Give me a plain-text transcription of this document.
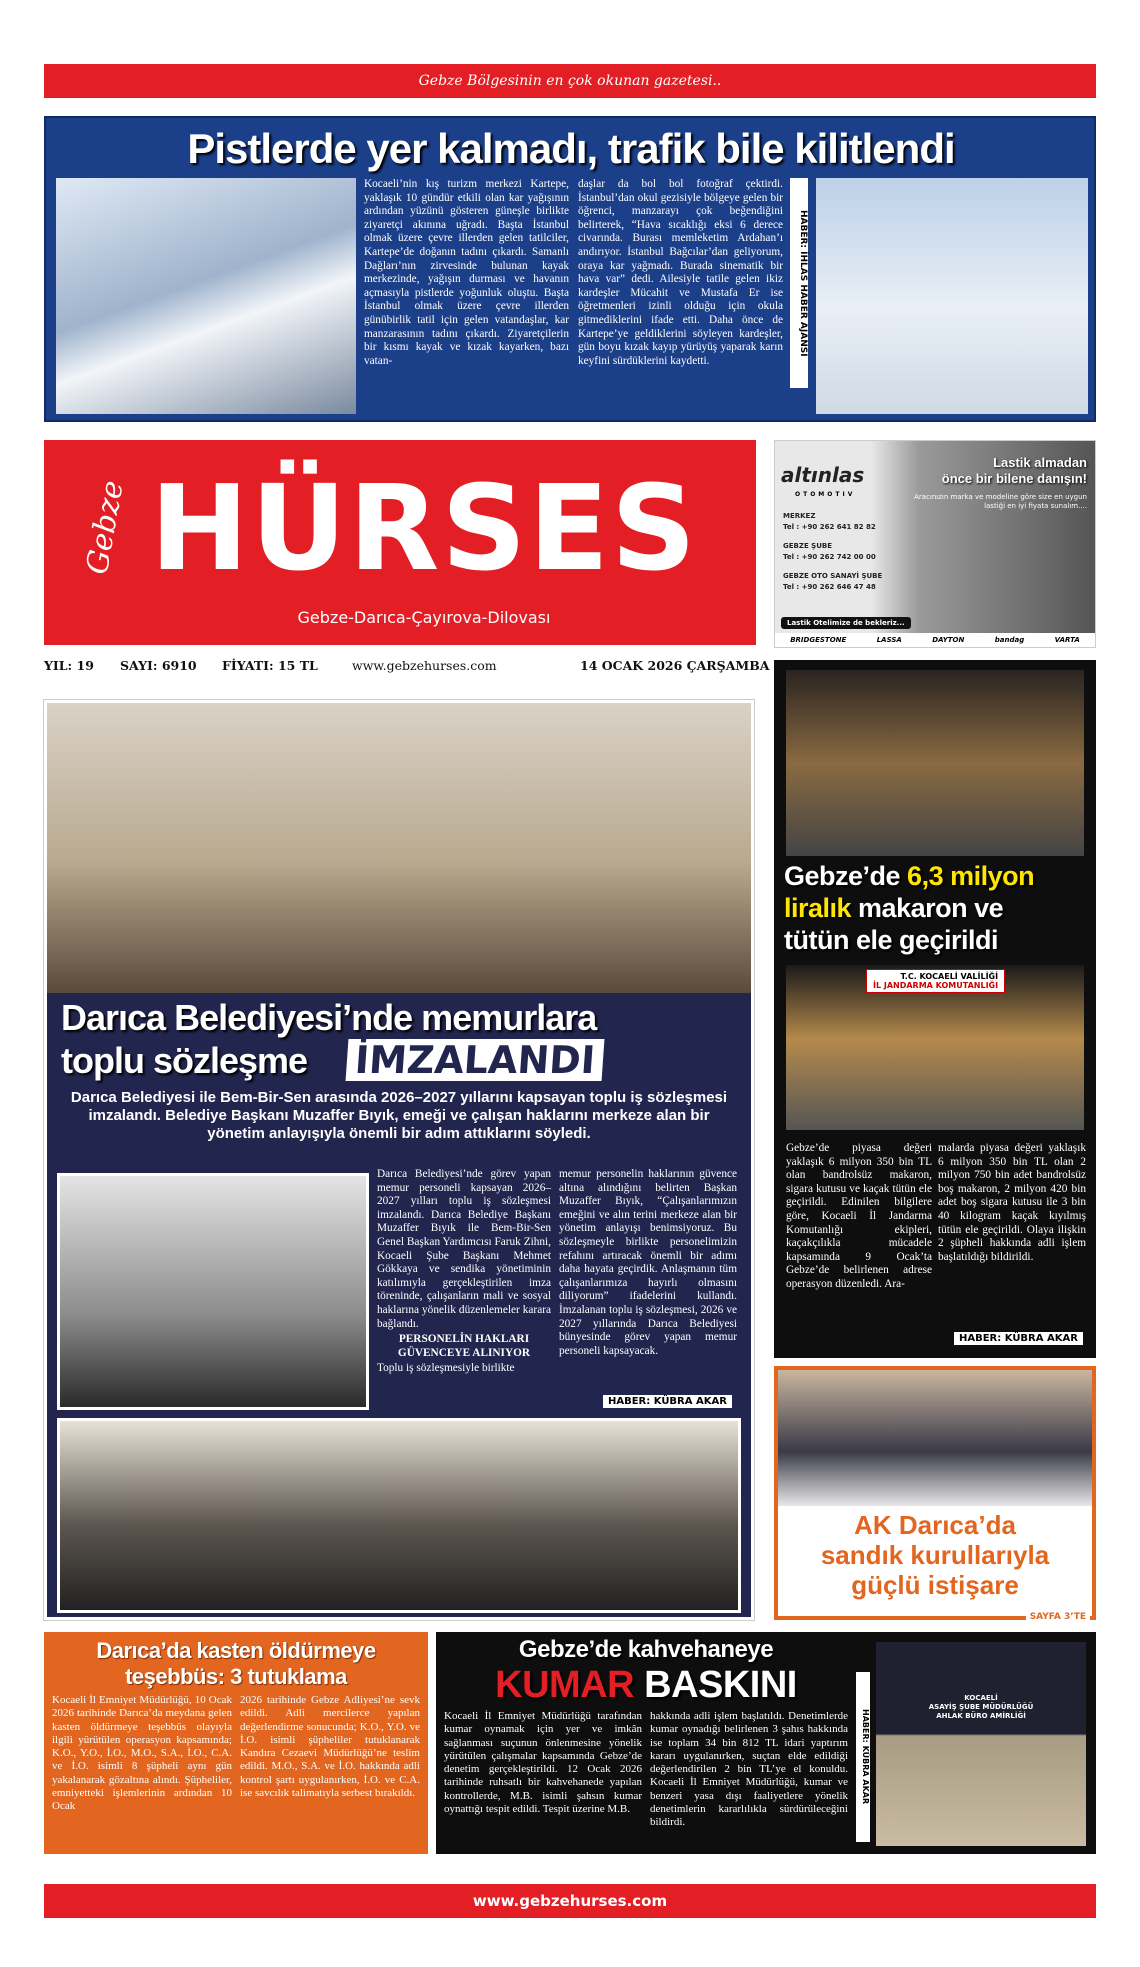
Gebze Bölgesinin en çok okunan gazetesi..
Pistlerde yer kalmadı, trafik bile kilitlendi
Kocaeli’nin kış turizm merkezi Kartepe, yaklaşık 10 gündür etkili olan kar yağışının ardından yüzünü gösteren güneşle birlikte ziyaretçi akınına uğradı. Başta İstanbul olmak üzere çevre illerden gelen tatilciler, Kartepe’de doğanın tadını çıkardı. Samanlı Dağları’nın zirvesinde bulunan kayak merkezinde, yağışın durması ve havanın açmasıyla pistlerde yoğunluk oluştu. Başta İstanbul olmak üzere çevre illerden günübirlik tatil için gelen vatandaşlar, kar manzarasının tadını çıkardı. Ziyaretçilerin bir kısmı kayak ve kızak kayarken, bazı vatan-
daşlar da bol bol fotoğraf çektirdi. İstanbul’dan okul gezisiyle bölgeye gelen bir öğrenci, manzarayı çok beğendiğini belirterek, “Hava sıcaklığı eksi 6 derece civarında. Burası memleketim Ardahan’ı andırıyor. İstanbul Bağcılar’dan geliyorum, oraya kar yağmadı. Burada sinematik bir hava var” dedi. Ailesiyle tatile gelen ikiz kardeşler Mücahit ve Mustafa Er ise öğretmenleri izinli olduğu için okula gitmediklerini ifade etti. Daha önce de Kartepe’ye geldiklerini söyleyen kardeşler, gün boyu kızak kayıp yürüyüş yaparak karın keyfini sürdüklerini kaydetti.
HABER: İHLAS HABER AJANSI
Gebze HÜRSES
Gebze-Darıca-Çayırova-Dilovası
YIL: 19 SAYI: 6910 FİYATI: 15 TL	www.gebzehurses.com	14 OCAK 2026 ÇARŞAMBA
altınlas
OTOMOTIV
MERKEZ
Tel : +90 262 641 82 82
GEBZE ŞUBE
Tel : +90 262 742 00 00
GEBZE OTO SANAYİ ŞUBE
Tel : +90 262 646 47 48
Lastik almadan
önce bir bilene danışın!
Aracınızın marka ve modeline göre size en uygun lastiği en iyi fiyata sunalım....
Lastik Otelimize de bekleriz...
BRIDGESTONE	LASSA	DAYTON	bandag	VARTA
Darıca Belediyesi’nde memurlara
toplu sözleşme İMZALANDI
Darıca Belediyesi ile Bem-Bir-Sen arasında 2026–2027 yıllarını kapsayan toplu iş sözleşmesi imzalandı. Belediye Başkanı Muzaffer Bıyık, emeği ve çalışan haklarını merkeze alan bir yönetim anlayışıyla önemli bir adım attıklarını söyledi.
Darıca Belediyesi’nde görev yapan memur personeli kapsayan 2026–2027 yılları toplu iş sözleşmesi imzalandı. Darıca Belediye Başkanı Muzaffer Bıyık ile Bem-Bir-Sen Genel Başkan Yardımcısı Faruk Zihni, Kocaeli Şube Başkanı Mehmet Gökkaya ve sendika yönetiminin katılımıyla gerçekleştirilen imza töreninde, çalışanların mali ve sosyal haklarına yönelik düzenlemeler karara bağlandı.
PERSONELİN HAKLARI GÜVENCEYE ALINIYOR
Toplu iş sözleşmesiyle birlikte
memur personelin haklarının güvence altına alındığını belirten Başkan Muzaffer Bıyık, “Çalışanlarımızın emeğini ve alın terini merkeze alan bir yönetim anlayışı benimsiyoruz. Bu sözleşmeyle birlikte personelimizin refahını artıracak önemli bir adımı daha hayata geçirdik. Anlaşmanın tüm çalışanlarımıza hayırlı olmasını diliyorum” ifadelerini kullandı. İmzalanan toplu iş sözleşmesi, 2026 ve 2027 yıllarında Darıca Belediyesi bünyesinde görev yapan memur personeli kapsayacak.
HABER: KÜBRA AKAR
Gebze’de 6,3 milyon
liralık makaron ve
tütün ele geçirildi
T.C. KOCAELİ VALİLİĞİ
İL JANDARMA KOMUTANLIĞI
Gebze’de piyasa değeri yaklaşık 6 milyon 350 bin TL olan bandrolsüz makaron, sigara kutusu ve kaçak tütün ele geçirildi. Edinilen bilgilere göre, Kocaeli İl Jandarma Komutanlığı ekipleri, kaçakçılıkla mücadele kapsamında 9 Ocak’ta Gebze’de belirlenen adrese operasyon düzenledi. Ara-
malarda piyasa değeri yaklaşık 6 milyon 350 bin TL olan 2 milyon 750 bin adet bandrolsüz boş makaron, 2 milyon 420 bin adet boş sigara kutusu ile 3 bin 40 kilogram kaçak kıyılmış tütün ele geçirildi. Olaya ilişkin 2 şüpheli hakkında adli işlem başlatıldığı bildirildi.
HABER: KÜBRA AKAR
AK Darıca’da
sandık kurullarıyla
güçlü istişare
SAYFA 3’TE
Darıca’da kasten öldürmeye
teşebbüs: 3 tutuklama
Kocaeli İl Emniyet Müdürlüğü, 10 Ocak 2026 tarihinde Darıca’da meydana gelen kasten öldürmeye teşebbüs olayıyla ilgili yürütülen operasyon kapsamında; K.O., Y.O., İ.O., M.O., S.A., İ.O., C.A. ve İ.O. isimli 8 şüpheli aynı gün yakalanarak gözaltına alındı. Şüpheliler, emniyetteki işlemlerinin ardından 10 Ocak
2026 tarihinde Gebze Adliyesi’ne sevk edildi. Adli mercilerce yapılan değerlendirme sonucunda; K.O., Y.O. ve İ.O. isimli şüpheliler tutuklanarak Kandıra Cezaevi Müdürlüğü’ne teslim edildi. M.O., S.A. ve İ.O. hakkında adli kontrol şartı uygulanırken, İ.O. ve C.A. ise savcılık talimatıyla serbest bırakıldı.
Gebze’de kahvehaneye
KUMAR BASKINI
Kocaeli İl Emniyet Müdürlüğü tarafından kumar oynamak için yer ve imkân sağlanması suçunun önlenmesine yönelik yürütülen çalışmalar kapsamında Gebze’de denetim gerçekleştirildi. 12 Ocak 2026 tarihinde ruhsatlı bir kahvehanede yapılan kontrollerde, M.B. isimli şahsın kumar oynattığı tespit edildi. Tespit üzerine M.B.
hakkında adli işlem başlatıldı. Denetimlerde kumar oynadığı belirlenen 3 şahıs hakkında ise toplam 34 bin 812 TL idari yaptırım kararı uygulanırken, suçtan elde edildiği değerlendirilen 2 bin TL’ye el konuldu. Kocaeli İl Emniyet Müdürlüğü, kumar ve benzeri yasa dışı faaliyetlere yönelik denetimlerin kararlılıkla sürdürüleceğini bildirdi.
HABER: KÜBRA AKAR
KOCAELİ
ASAYİŞ ŞUBE MÜDÜRLÜĞÜ
AHLAK BÜRO AMİRLİĞİ
www.gebzehurses.com
